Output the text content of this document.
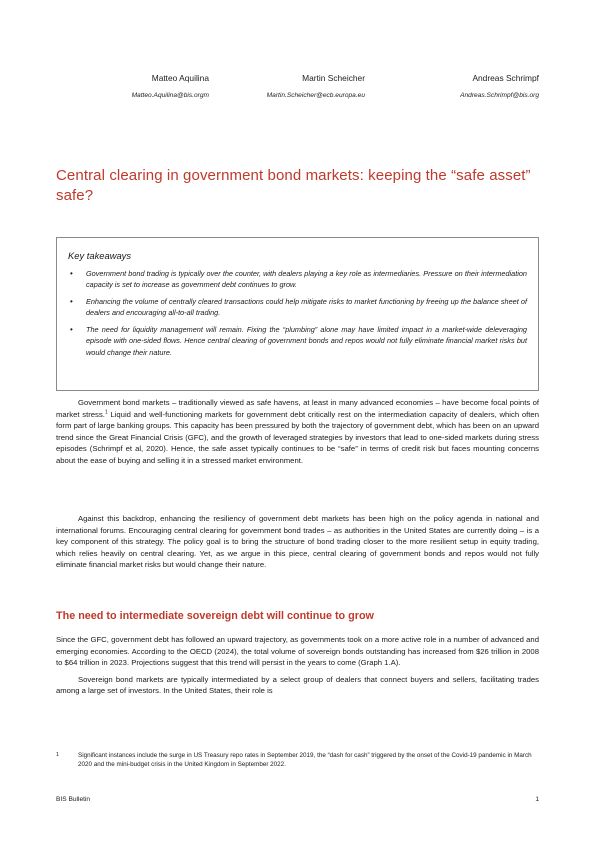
Matteo Aquilina
Matteo.Aquilina@bis.orgm
Martin Scheicher
Martin.Scheicher@ecb.europa.eu
Andreas Schrimpf
Andreas.Schrimpf@bis.org
Central clearing in government bond markets: keeping the “safe asset” safe?
Key takeaways
• Government bond trading is typically over the counter, with dealers playing a key role as intermediaries. Pressure on their intermediation capacity is set to increase as government debt continues to grow.
• Enhancing the volume of centrally cleared transactions could help mitigate risks to market functioning by freeing up the balance sheet of dealers and encouraging all-to-all trading.
• The need for liquidity management will remain. Fixing the “plumbing” alone may have limited impact in a market-wide deleveraging episode with one-sided flows. Hence central clearing of government bonds and repos would not fully eliminate financial market risks but would change their nature.

Government bond markets – traditionally viewed as safe havens, at least in many advanced economies – have become focal points of market stress.$^1$ Liquid and well-functioning markets for government debt critically rest on the intermediation capacity of dealers, which often form part of large banking groups. This capacity has been pressured by both the trajectory of government debt, which has been on an upward trend since the Great Financial Crisis (GFC), and the growth of leveraged strategies by investors that lead to one-sided markets during stress episodes (Schrimpf et al, 2020). Hence, the safe asset typically continues to be “safe” in terms of credit risk but faces mounting concerns about the ease of buying and selling it in a stressed market environment.

Against this backdrop, enhancing the resiliency of government debt markets has been high on the policy agenda in national and international forums. Encouraging central clearing for government bond trades – as authorities in the United States are currently doing – is a key component of this strategy. The policy goal is to bring the structure of bond trading closer to the more resilient setup in equity trading, which relies heavily on central clearing. Yet, as we argue in this piece, central clearing of government bonds and repos would not fully eliminate financial market risks but would change their nature.

The need to intermediate sovereign debt will continue to grow

Since the GFC, government debt has followed an upward trajectory, as governments took on a more active role in a number of advanced and emerging economies. According to the OECD (2024), the total volume of sovereign bonds outstanding has increased from $26 trillion in 2008 to $64 trillion in 2023. Projections suggest that this trend will persist in the years to come (Graph 1.A).

Sovereign bond markets are typically intermediated by a select group of dealers that connect buyers and sellers, facilitating trades among a large set of investors. In the United States, their role is

1	Significant instances include the surge in US Treasury repo rates in September 2019, the “dash for cash” triggered by the onset of the Covid-19 pandemic in March 2020 and the mini-budget crisis in the United Kingdom in September 2022.
BIS Bulletin	1
